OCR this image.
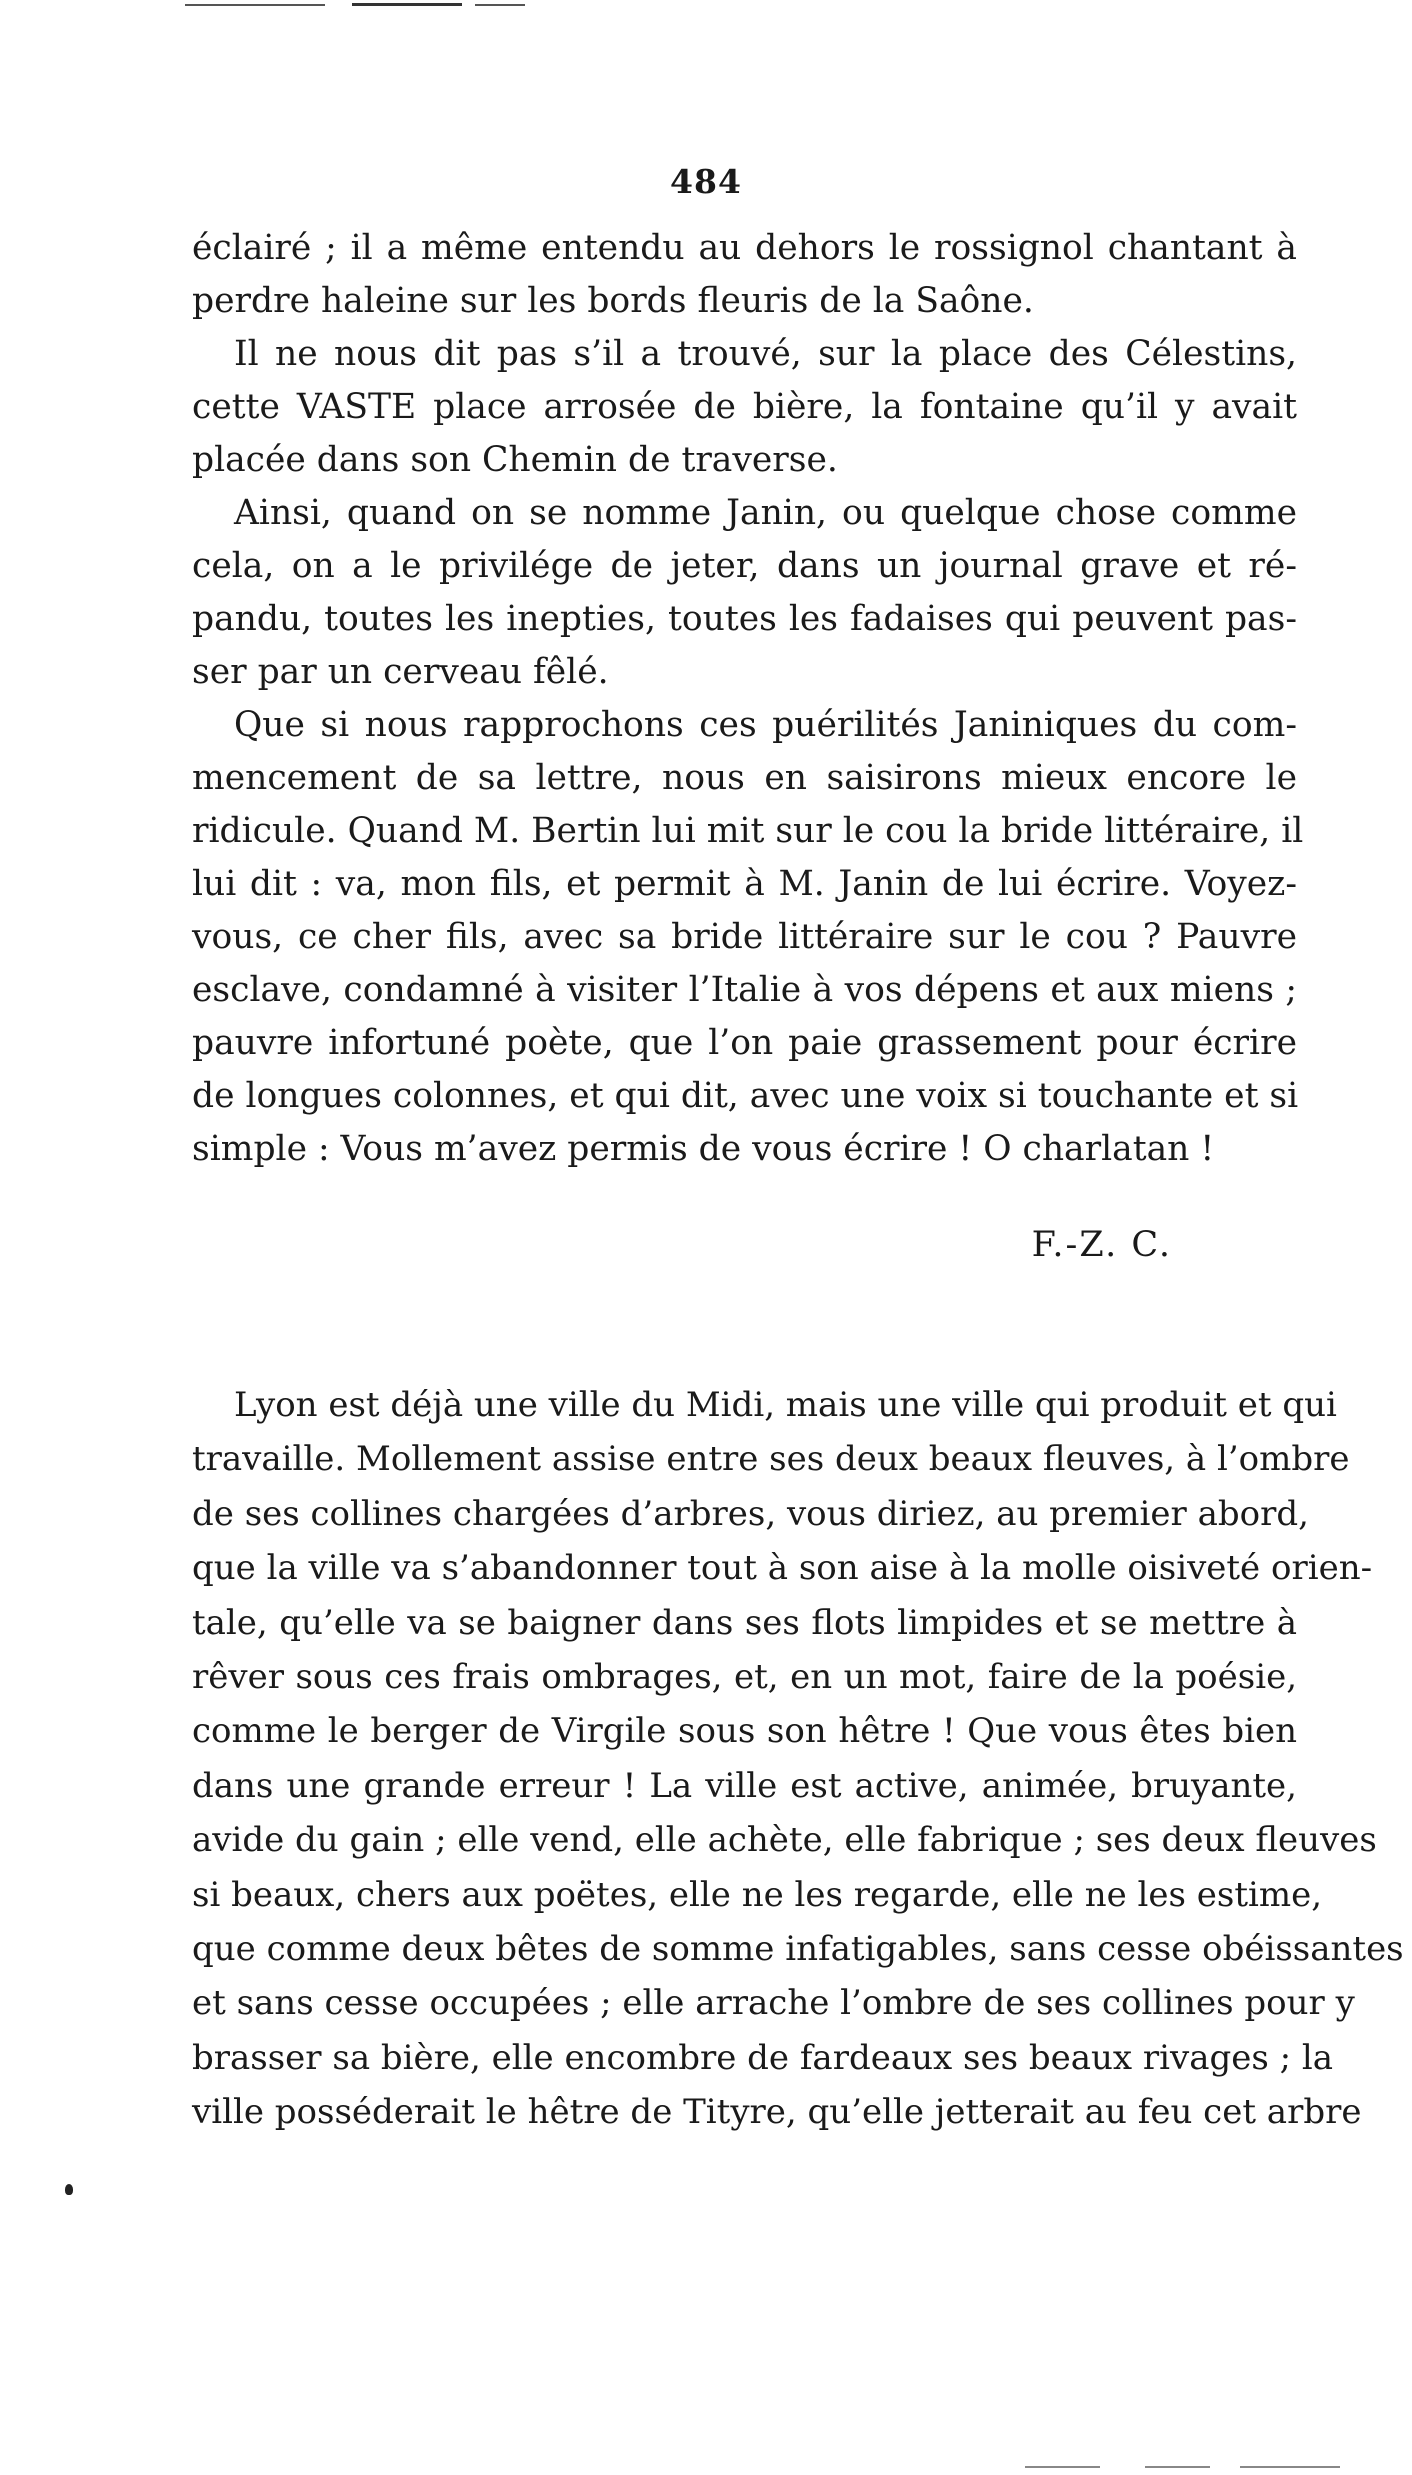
484
éclairé ; il a même entendu au dehors le rossignol chantant à
perdre haleine sur les bords fleuris de la Saône.
Il ne nous dit pas s’il a trouvé, sur la place des Célestins,
cette VASTE place arrosée de bière, la fontaine qu’il y avait
placée dans son Chemin de traverse.
Ainsi, quand on se nomme Janin, ou quelque chose comme
cela, on a le privilége de jeter, dans un journal grave et ré-
pandu, toutes les inepties, toutes les fadaises qui peuvent pas-
ser par un cerveau fêlé.
Que si nous rapprochons ces puérilités Janiniques du com-
mencement de sa lettre, nous en saisirons mieux encore le
ridicule. Quand M. Bertin lui mit sur le cou la bride littéraire, il
lui dit : va, mon fils, et permit à M. Janin de lui écrire. Voyez-
vous, ce cher fils, avec sa bride littéraire sur le cou ? Pauvre
esclave, condamné à visiter l’Italie à vos dépens et aux miens ;
pauvre infortuné poète, que l’on paie grassement pour écrire
de longues colonnes, et qui dit, avec une voix si touchante et si
simple : Vous m’avez permis de vous écrire ! O charlatan !
F.-Z. C.
Lyon est déjà une ville du Midi, mais une ville qui produit et qui
travaille. Mollement assise entre ses deux beaux fleuves, à l’ombre
de ses collines chargées d’arbres, vous diriez, au premier abord,
que la ville va s’abandonner tout à son aise à la molle oisiveté orien-
tale, qu’elle va se baigner dans ses flots limpides et se mettre à
rêver sous ces frais ombrages, et, en un mot, faire de la poésie,
comme le berger de Virgile sous son hêtre ! Que vous êtes bien
dans une grande erreur ! La ville est active, animée, bruyante,
avide du gain ; elle vend, elle achète, elle fabrique ; ses deux fleuves
si beaux, chers aux poëtes, elle ne les regarde, elle ne les estime,
que comme deux bêtes de somme infatigables, sans cesse obéissantes
et sans cesse occupées ; elle arrache l’ombre de ses collines pour y
brasser sa bière, elle encombre de fardeaux ses beaux rivages ; la
ville posséderait le hêtre de Tityre, qu’elle jetterait au feu cet arbre
